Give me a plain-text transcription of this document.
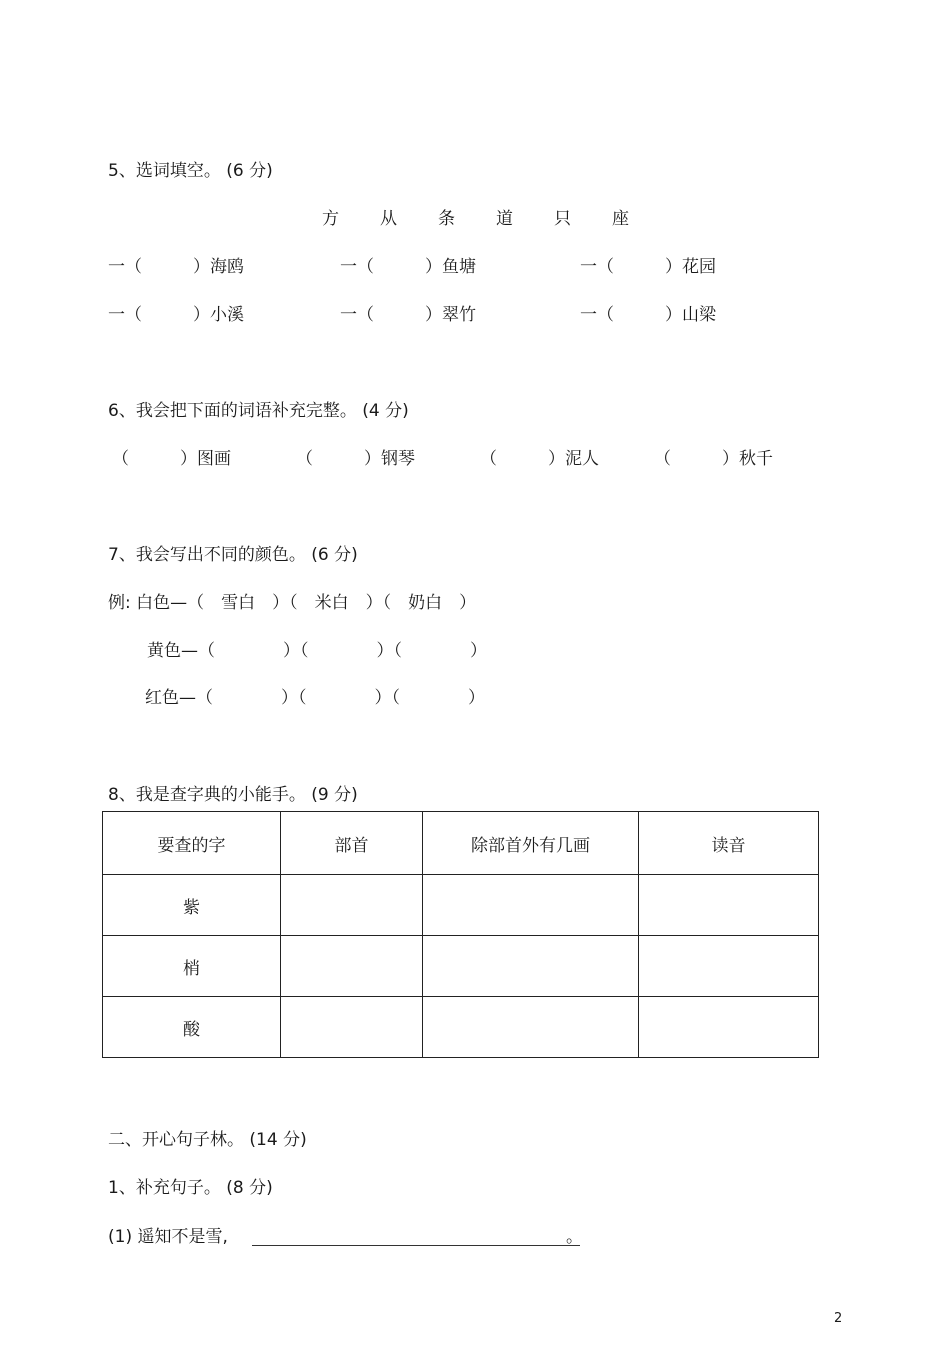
5、选词填空。 (6 分)
方 从 条 道 只 座
一（　　　）海鸥	一（　　　）鱼塘	一（　　　）花园
一（　　　）小溪	一（　　　）翠竹	一（　　　）山梁
6、我会把下面的词语补充完整。 (4 分)
（　　　）图画	（　　　）钢琴	（　　　）泥人	（　　　）秋千
7、我会写出不同的颜色。 (6 分)
例: 白色—（　雪白　）（　米白　）（　奶白　）
黄色—（　　　　）（　　　　）（　　　　）
红色—（　　　　）（　　　　）（　　　　）
8、我是查字典的小能手。 (9 分)
要查的字	部首	除部首外有几画	读音
紫			
梢			
酸			
二、开心句子林。 (14 分)
1、补充句子。 (8 分)
(1) 遥知不是雪,	。
2
